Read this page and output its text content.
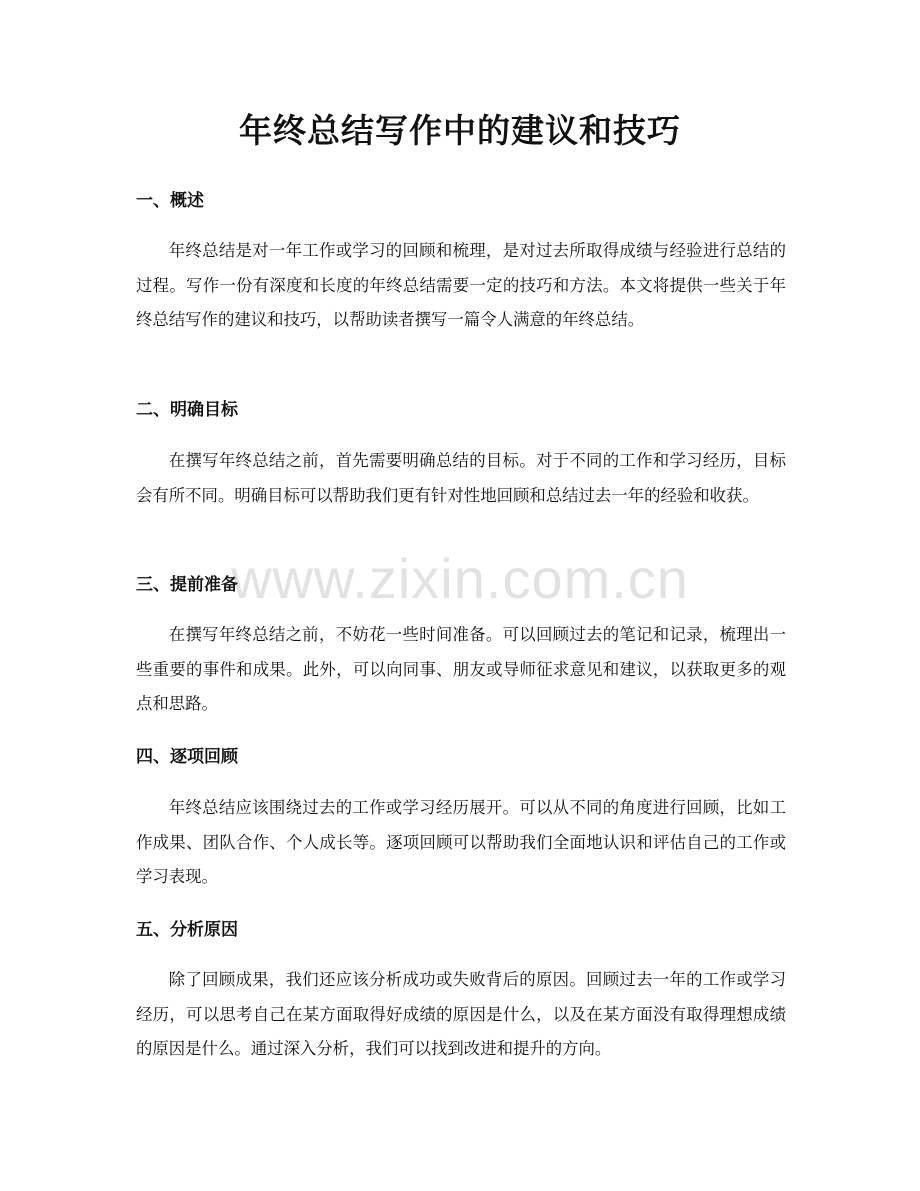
年终总结写作中的建议和技巧
一、概述

年终总结是对一年工作或学习的回顾和梳理，是对过去所取得成绩与经验进行总结的过程。写作一份有深度和长度的年终总结需要一定的技巧和方法。本文将提供一些关于年终总结写作的建议和技巧，以帮助读者撰写一篇令人满意的年终总结。

二、明确目标

在撰写年终总结之前，首先需要明确总结的目标。对于不同的工作和学习经历，目标会有所不同。明确目标可以帮助我们更有针对性地回顾和总结过去一年的经验和收获。

三、提前准备

在撰写年终总结之前，不妨花一些时间准备。可以回顾过去的笔记和记录，梳理出一些重要的事件和成果。此外，可以向同事、朋友或导师征求意见和建议，以获取更多的观点和思路。

四、逐项回顾

年终总结应该围绕过去的工作或学习经历展开。可以从不同的角度进行回顾，比如工作成果、团队合作、个人成长等。逐项回顾可以帮助我们全面地认识和评估自己的工作或学习表现。

五、分析原因

除了回顾成果，我们还应该分析成功或失败背后的原因。回顾过去一年的工作或学习经历，可以思考自己在某方面取得好成绩的原因是什么，以及在某方面没有取得理想成绩的原因是什么。通过深入分析，我们可以找到改进和提升的方向。

www.zixin.com.cn
